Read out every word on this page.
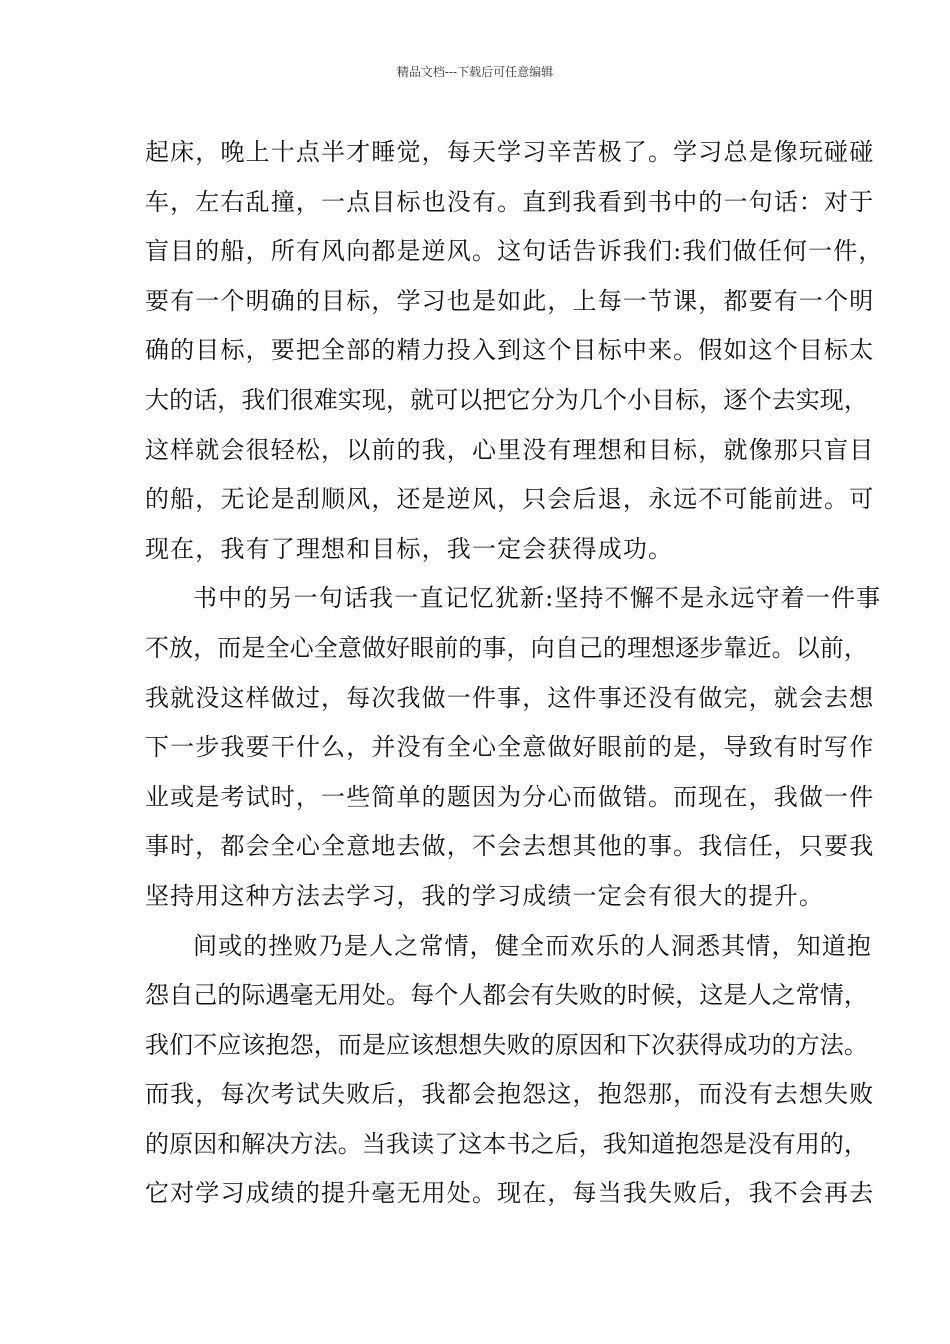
精品文档---下载后可任意编辑
起床，晚上十点半才睡觉，每天学习辛苦极了。学习总是像玩碰碰
车，左右乱撞，一点目标也没有。直到我看到书中的一句话：对于
盲目的船，所有风向都是逆风。这句话告诉我们:我们做任何一件，
要有一个明确的目标，学习也是如此，上每一节课，都要有一个明
确的目标，要把全部的精力投入到这个目标中来。假如这个目标太
大的话，我们很难实现，就可以把它分为几个小目标，逐个去实现，
这样就会很轻松，以前的我，心里没有理想和目标，就像那只盲目
的船，无论是刮顺风，还是逆风，只会后退，永远不可能前进。可
现在，我有了理想和目标，我一定会获得成功。
书中的另一句话我一直记忆犹新:坚持不懈不是永远守着一件事
不放，而是全心全意做好眼前的事，向自己的理想逐步靠近。以前，
我就没这样做过，每次我做一件事，这件事还没有做完，就会去想
下一步我要干什么，并没有全心全意做好眼前的是，导致有时写作
业或是考试时，一些简单的题因为分心而做错。而现在，我做一件
事时，都会全心全意地去做，不会去想其他的事。我信任，只要我
坚持用这种方法去学习，我的学习成绩一定会有很大的提升。
间或的挫败乃是人之常情，健全而欢乐的人洞悉其情，知道抱
怨自己的际遇毫无用处。每个人都会有失败的时候，这是人之常情，
我们不应该抱怨，而是应该想想失败的原因和下次获得成功的方法。
而我，每次考试失败后，我都会抱怨这，抱怨那，而没有去想失败
的原因和解决方法。当我读了这本书之后，我知道抱怨是没有用的，
它对学习成绩的提升毫无用处。现在，每当我失败后，我不会再去
